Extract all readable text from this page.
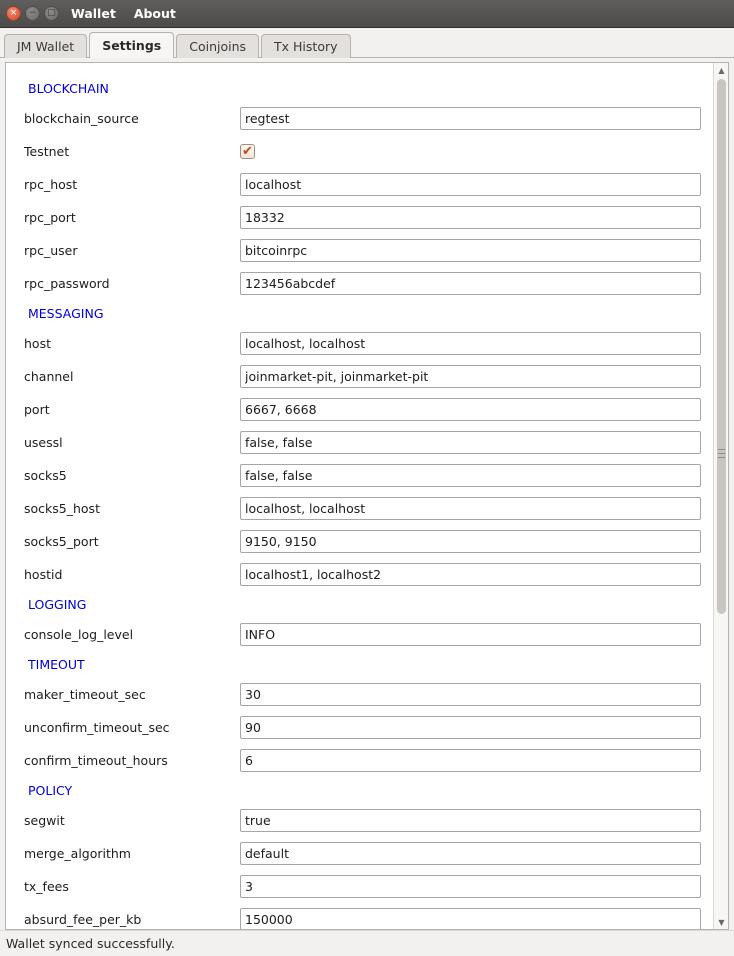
×	−	□ Wallet About
JM Wallet	Settings	Coinjoins	Tx History
BLOCKCHAIN	
blockchain_source	regtest
Testnet	✔
rpc_host	localhost
rpc_port	18332
rpc_user	bitcoinrpc
rpc_password	123456abcdef
MESSAGING	
host	localhost, localhost
channel	joinmarket-pit, joinmarket-pit
port	6667, 6668
usessl	false, false
socks5	false, false
socks5_host	localhost, localhost
socks5_port	9150, 9150
hostid	localhost1, localhost2
LOGGING	
console_log_level	INFO
TIMEOUT	
maker_timeout_sec	30
unconfirm_timeout_sec	90
confirm_timeout_hours	6
POLICY	
segwit	true
merge_algorithm	default
tx_fees	3
absurd_fee_per_kb	150000

▲
▼
Wallet synced successfully.
